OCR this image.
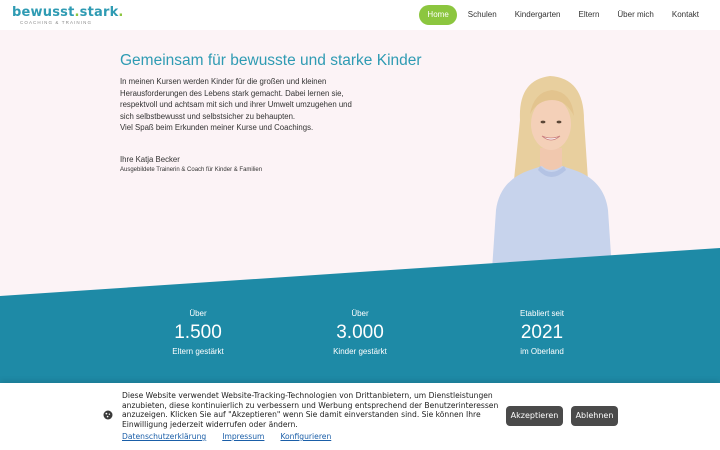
bewusst.stark.
COACHING & TRAINING
Home	Schulen	Kindergarten	Eltern	Über mich	Kontakt
Gemeinsam für bewusste und starke Kinder
In meinen Kursen werden Kinder für die großen und kleinen Herausforderungen des Lebens stark gemacht. Dabei lernen sie, respektvoll und achtsam mit sich und ihrer Umwelt umzugehen und sich selbstbewusst und selbstsicher zu behaupten.
Viel Spaß beim Erkunden meiner Kurse und Coachings.
Ihre Katja Becker
Ausgebildete Trainerin & Coach für Kinder & Familien
Über
1.500
Eltern gestärkt
Über
3.000
Kinder gestärkt
Etabliert seit
2021
im Oberland
Diese Website verwendet Website-Tracking-Technologien von Drittanbietern, um Dienstleistungen anzubieten, diese kontinuierlich zu verbessern und Werbung entsprechend der Benutzerinteressen anzuzeigen. Klicken Sie auf "Akzeptieren" wenn Sie damit einverstanden sind. Sie können Ihre Einwilligung jederzeit widerrufen oder ändern.
Datenschutzerklärung Impressum Konfigurieren
Akzeptieren	Ablehnen
